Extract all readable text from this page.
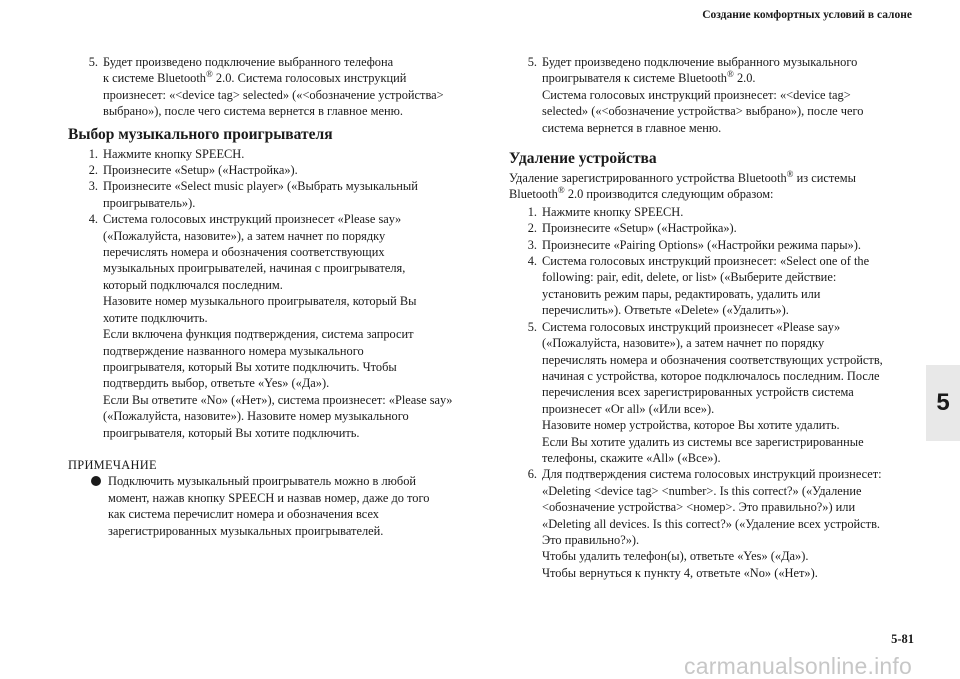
Создание комфортных условий в салоне
5. Будет произведено подключение выбранного телефона
к системе Bluetooth® 2.0. Система голосовых инструкций
произнесет: «<device tag> selected» («<обозначение устройства>
выбрано»), после чего система вернется в главное меню.
Выбор музыкального проигрывателя
1. Нажмите кнопку SPEECH.
2. Произнесите «Setup» («Настройка»).
3. Произнесите «Select music player» («Выбрать музыкальный
проигрыватель»).
4. Система голосовых инструкций произнесет «Please say»
(«Пожалуйста, назовите»), а затем начнет по порядку
перечислять номера и обозначения соответствующих
музыкальных проигрывателей, начиная с проигрывателя,
который подключался последним.
Назовите номер музыкального проигрывателя, который Вы
хотите подключить.
Если включена функция подтверждения, система запросит
подтверждение названного номера музыкального
проигрывателя, который Вы хотите подключить. Чтобы
подтвердить выбор, ответьте «Yes» («Да»).
Если Вы ответите «No» («Нет»), система произнесет: «Please say»
(«Пожалуйста, назовите»). Назовите номер музыкального
проигрывателя, который Вы хотите подключить.
ПРИМЕЧАНИЕ
Подключить музыкальный проигрыватель можно в любой
момент, нажав кнопку SPEECH и назвав номер, даже до того
как система перечислит номера и обозначения всех
зарегистрированных музыкальных проигрывателей.
5. Будет произведено подключение выбранного музыкального
проигрывателя к системе Bluetooth® 2.0.
Система голосовых инструкций произнесет: «<device tag>
selected» («<обозначение устройства> выбрано»), после чего
система вернется в главное меню.
Удаление устройства
Удаление зарегистрированного устройства Bluetooth® из системы
Bluetooth® 2.0 производится следующим образом:
1. Нажмите кнопку SPEECH.
2. Произнесите «Setup» («Настройка»).
3. Произнесите «Pairing Options» («Настройки режима пары»).
4. Система голосовых инструкций произнесет: «Select one of the
following: pair, edit, delete, or list» («Выберите действие:
установить режим пары, редактировать, удалить или
перечислить»). Ответьте «Delete» («Удалить»).
5. Система голосовых инструкций произнесет «Please say»
(«Пожалуйста, назовите»), а затем начнет по порядку
перечислять номера и обозначения соответствующих устройств,
начиная с устройства, которое подключалось последним. После
перечисления всех зарегистрированных устройств система
произнесет «Or all» («Или все»).
Назовите номер устройства, которое Вы хотите удалить.
Если Вы хотите удалить из системы все зарегистрированные
телефоны, скажите «All» («Все»).
6. Для подтверждения система голосовых инструкций произнесет:
«Deleting <device tag> <number>. Is this correct?» («Удаление
<обозначение устройства> <номер>. Это правильно?») или
«Deleting all devices. Is this correct?» («Удаление всех устройств.
Это правильно?»).
Чтобы удалить телефон(ы), ответьте «Yes» («Да»).
Чтобы вернуться к пункту 4, ответьте «No» («Нет»).
5
5-81
carmanualsonline.info
